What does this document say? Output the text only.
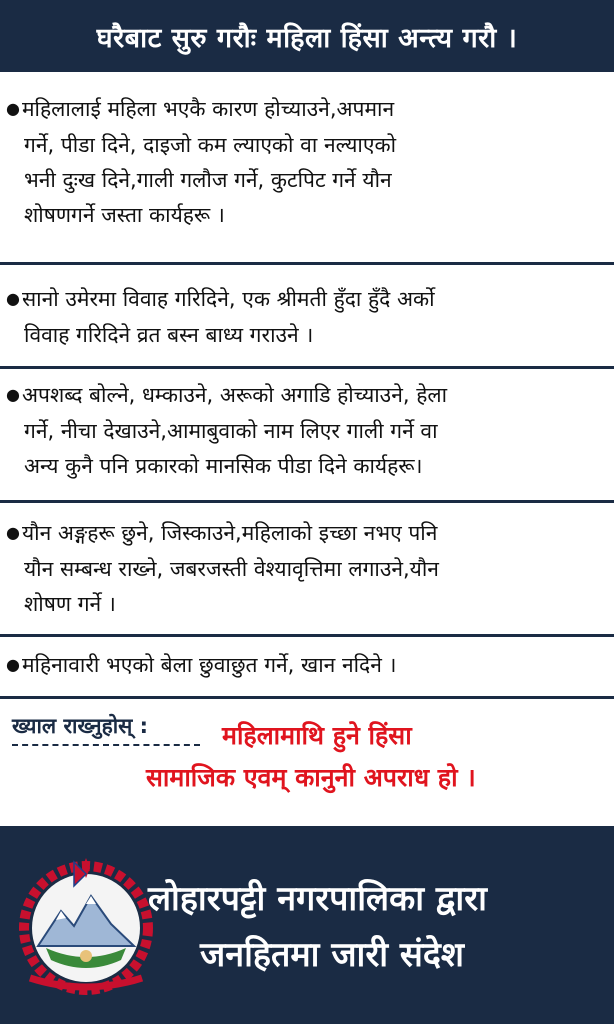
घरैबाट सुरु गरौः महिला हिंसा अन्त्य गरौ ।
●महिलालाई महिला भएकै कारण होच्याउने,अपमान
गर्ने, पीडा दिने, दाइजो कम ल्याएको वा नल्याएको
भनी दुःख दिने,गाली गलौज गर्ने, कुटपिट गर्ने यौन
शोषणगर्ने जस्ता कार्यहरू ।
●सानो उमेरमा विवाह गरिदिने, एक श्रीमती हुँदा हुँदै अर्को
विवाह गरिदिने व्रत बस्न बाध्य गराउने ।
●अपशब्द बोल्ने, धम्काउने, अरूको अगाडि होच्याउने, हेला
गर्ने, नीचा देखाउने,आमाबुवाको नाम लिएर गाली गर्ने वा
अन्य कुनै पनि प्रकारको मानसिक पीडा दिने कार्यहरू।
●यौन अङ्गहरू छुने, जिस्काउने,महिलाको इच्छा नभए पनि
यौन सम्बन्ध राख्ने, जबरजस्ती वेश्यावृत्तिमा लगाउने,यौन
शोषण गर्ने ।
●महिनावारी भएको बेला छुवाछुत गर्ने, खान नदिने ।
ख्याल राख्नुहोस् :	महिलामाथि हुने हिंसा
सामाजिक एवम् कानुनी अपराध हो ।
लोहारपट्टी नगरपालिका द्वारा
जनहितमा जारी संदेश
